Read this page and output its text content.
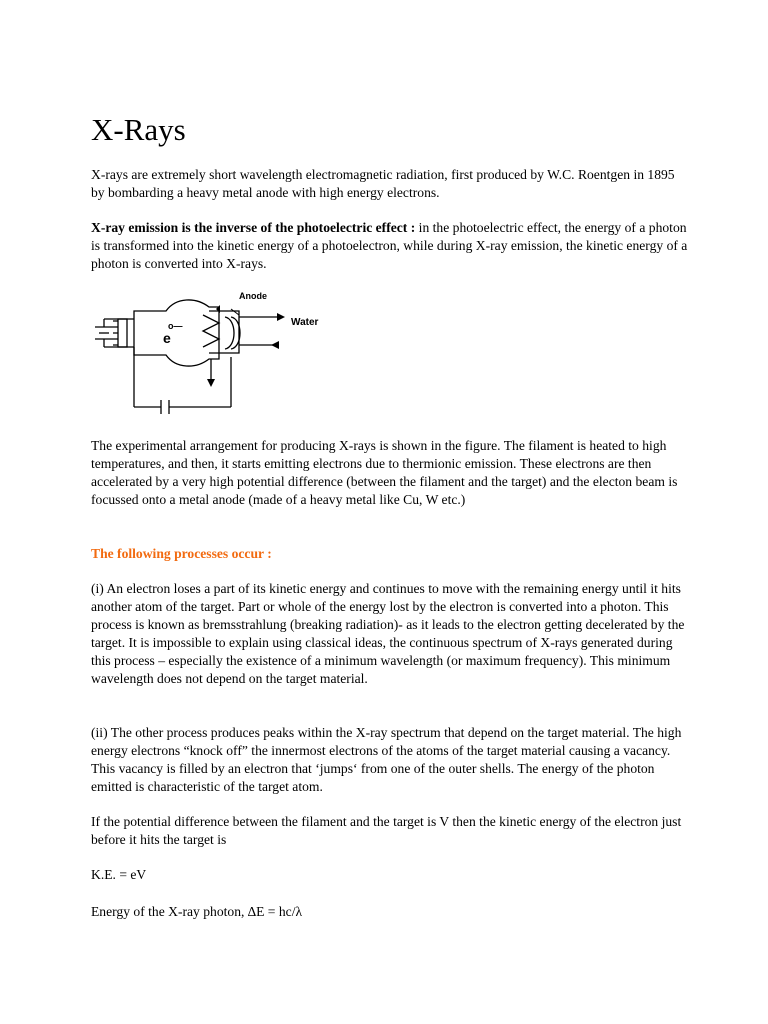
X-Rays

X-rays are extremely short wavelength electromagnetic radiation, first produced by W.C. Roentgen in 1895 by bombarding a heavy metal anode with high energy electrons.

X-ray emission is the inverse of the photoelectric effect : in the photoelectric effect, the energy of a photon is transformed into the kinetic energy of a photoelectron, while during X-ray emission, the kinetic energy of a photon is converted into X-rays.

Anode
Water
e
o—

The experimental arrangement for producing X-rays is shown in the figure. The filament is heated to high temperatures, and then, it starts emitting electrons due to thermionic emission. These electrons are then accelerated by a very high potential difference (between the filament and the target) and the electon beam is focussed onto a metal anode (made of a heavy metal like Cu, W etc.)

The following processes occur :

(i) An electron loses a part of its kinetic energy and continues to move with the remaining energy until it hits another atom of the target. Part or whole of the energy lost by the electron is converted into a photon. This process is known as bremsstrahlung (breaking radiation)- as it leads to the electron getting decelerated by the target. It is impossible to explain using classical ideas, the continuous spectrum of X-rays generated during this process – especially the existence of a minimum wavelength (or maximum frequency). This minimum wavelength does not depend on the target material.

(ii) The other process produces peaks within the X-ray spectrum that depend on the target material. The high energy electrons “knock off” the innermost electrons of the atoms of the target material causing a vacancy. This vacancy is filled by an electron that ‘jumps‘ from one of the outer shells. The energy of the photon emitted is characteristic of the target atom.

If the potential difference between the filament and the target is V then the kinetic energy of the electron just before it hits the target is

K.E. = eV

Energy of the X-ray photon, ∆E = hc/λ
